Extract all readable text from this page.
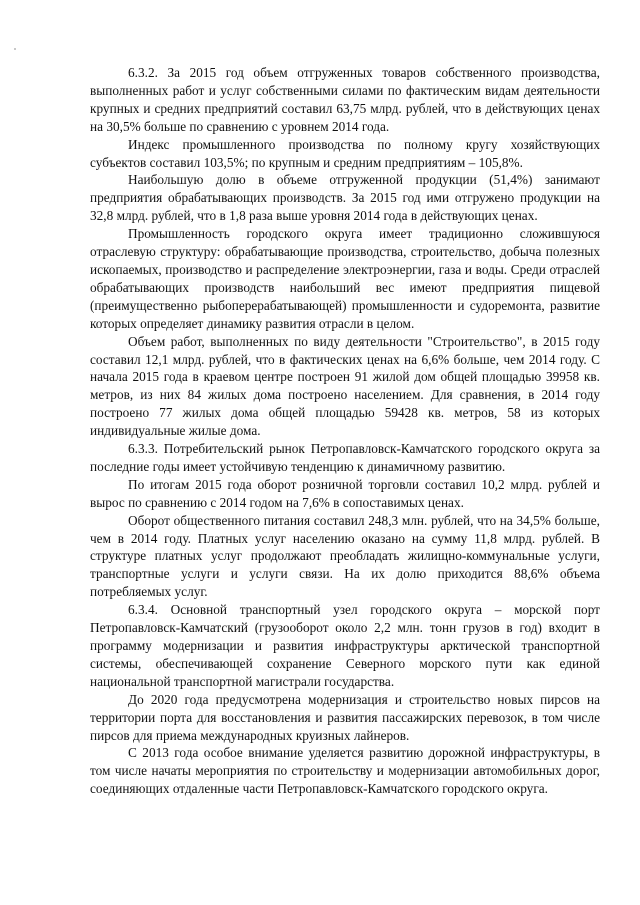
6.3.2. За 2015 год объем отгруженных товаров собственного производства, выполненных работ и услуг собственными силами по фактическим видам деятельности крупных и средних предприятий составил 63,75 млрд. рублей, что в действующих ценах на 30,5% больше по сравнению с уровнем 2014 года.

Индекс промышленного производства по полному кругу хозяйствующих субъектов составил 103,5%; по крупным и средним предприятиям – 105,8%.

Наибольшую долю в объеме отгруженной продукции (51,4%) занимают предприятия обрабатывающих производств. За 2015 год ими отгружено продукции на 32,8 млрд. рублей, что в 1,8 раза выше уровня 2014 года в действующих ценах.

Промышленность городского округа имеет традиционно сложившуюся отраслевую структуру: обрабатывающие производства, строительство, добыча полезных ископаемых, производство и распределение электроэнергии, газа и воды. Среди отраслей обрабатывающих производств наибольший вес имеют предприятия пищевой (преимущественно рыбоперерабатывающей) промышленности и судоремонта, развитие которых определяет динамику развития отрасли в целом.

Объем работ, выполненных по виду деятельности "Строительство", в 2015 году составил 12,1 млрд. рублей, что в фактических ценах на 6,6% больше, чем 2014 году. С начала 2015 года в краевом центре построен 91 жилой дом общей площадью 39958 кв. метров, из них 84 жилых дома построено населением. Для сравнения, в 2014 году построено 77 жилых дома общей площадью 59428 кв. метров, 58 из которых индивидуальные жилые дома.

6.3.3. Потребительский рынок Петропавловск-Камчатского городского округа за последние годы имеет устойчивую тенденцию к динамичному развитию.

По итогам 2015 года оборот розничной торговли составил 10,2 млрд. рублей и вырос по сравнению с 2014 годом на 7,6% в сопоставимых ценах.

Оборот общественного питания составил 248,3 млн. рублей, что на 34,5% больше, чем в 2014 году. Платных услуг населению оказано на сумму 11,8 млрд. рублей. В структуре платных услуг продолжают преобладать жилищно-коммунальные услуги, транспортные услуги и услуги связи. На их долю приходится 88,6% объема потребляемых услуг.

6.3.4. Основной транспортный узел городского округа – морской порт Петропавловск-Камчатский (грузооборот около 2,2 млн. тонн грузов в год) входит в программу модернизации и развития инфраструктуры арктической транспортной системы, обеспечивающей сохранение Северного морского пути как единой национальной транспортной магистрали государства.

До 2020 года предусмотрена модернизация и строительство новых пирсов на территории порта для восстановления и развития пассажирских перевозок, в том числе пирсов для приема международных круизных лайнеров.

С 2013 года особое внимание уделяется развитию дорожной инфраструктуры, в том числе начаты мероприятия по строительству и модернизации автомобильных дорог, соединяющих отдаленные части Петропавловск-Камчатского городского округа.
